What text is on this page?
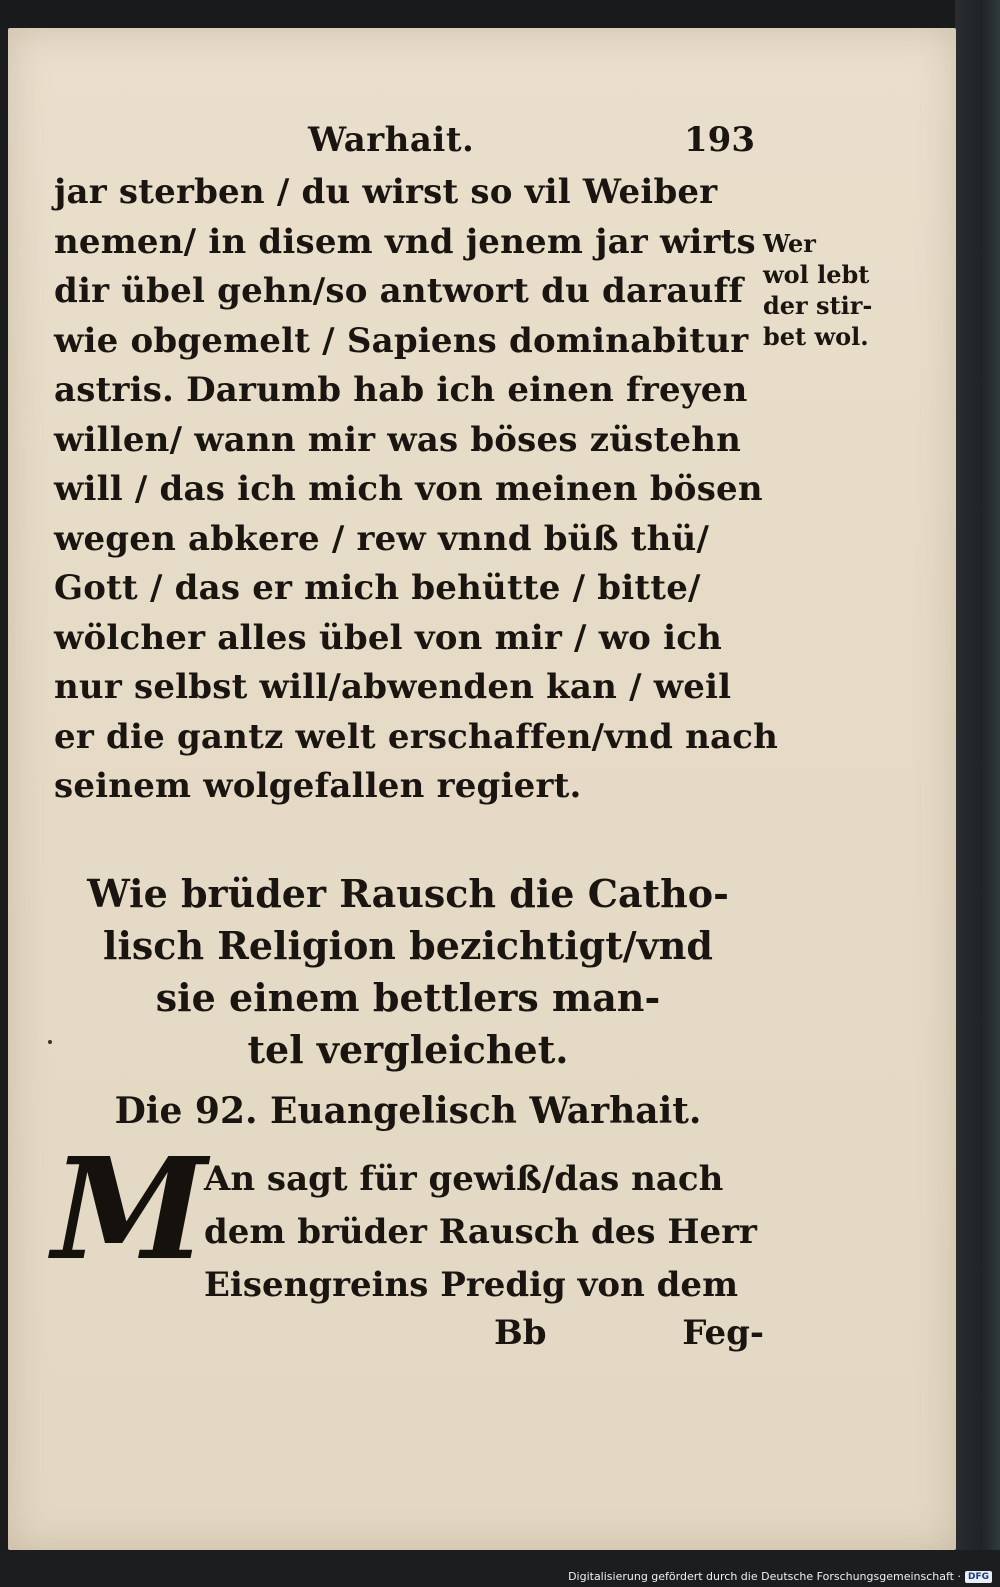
Warhait.	193
jar sterben / du wirst so vil Weiber
nemen/ in disem vnd jenem jar wirts
dir übel gehn/so antwort du darauff
wie obgemelt / Sapiens dominabitur
astris. Darumb hab ich einen freyen
willen/ wann mir was böses züstehn
will / das ich mich von meinen bösen
wegen abkere / rew vnnd büß thü/
Gott / das er mich behütte / bitte/
wölcher alles übel von mir / wo ich
nur selbst will/abwenden kan / weil
er die gantz welt erschaffen/vnd nach
seinem wolgefallen regiert.
Wer
wol lebt
der stir-
bet wol.
Wie brüder Rausch die Catho-
lisch Religion bezichtigt/vnd
sie einem bettlers man-
tel vergleichet.
Die 92. Euangelisch Warhait.
M
An sagt für gewiß/das nach
dem brüder Rausch des Herr
Eisengreins Predig von dem
Bb	Feg-
Digitalisierung gefördert durch die Deutsche Forschungsgemeinschaft · DFG
